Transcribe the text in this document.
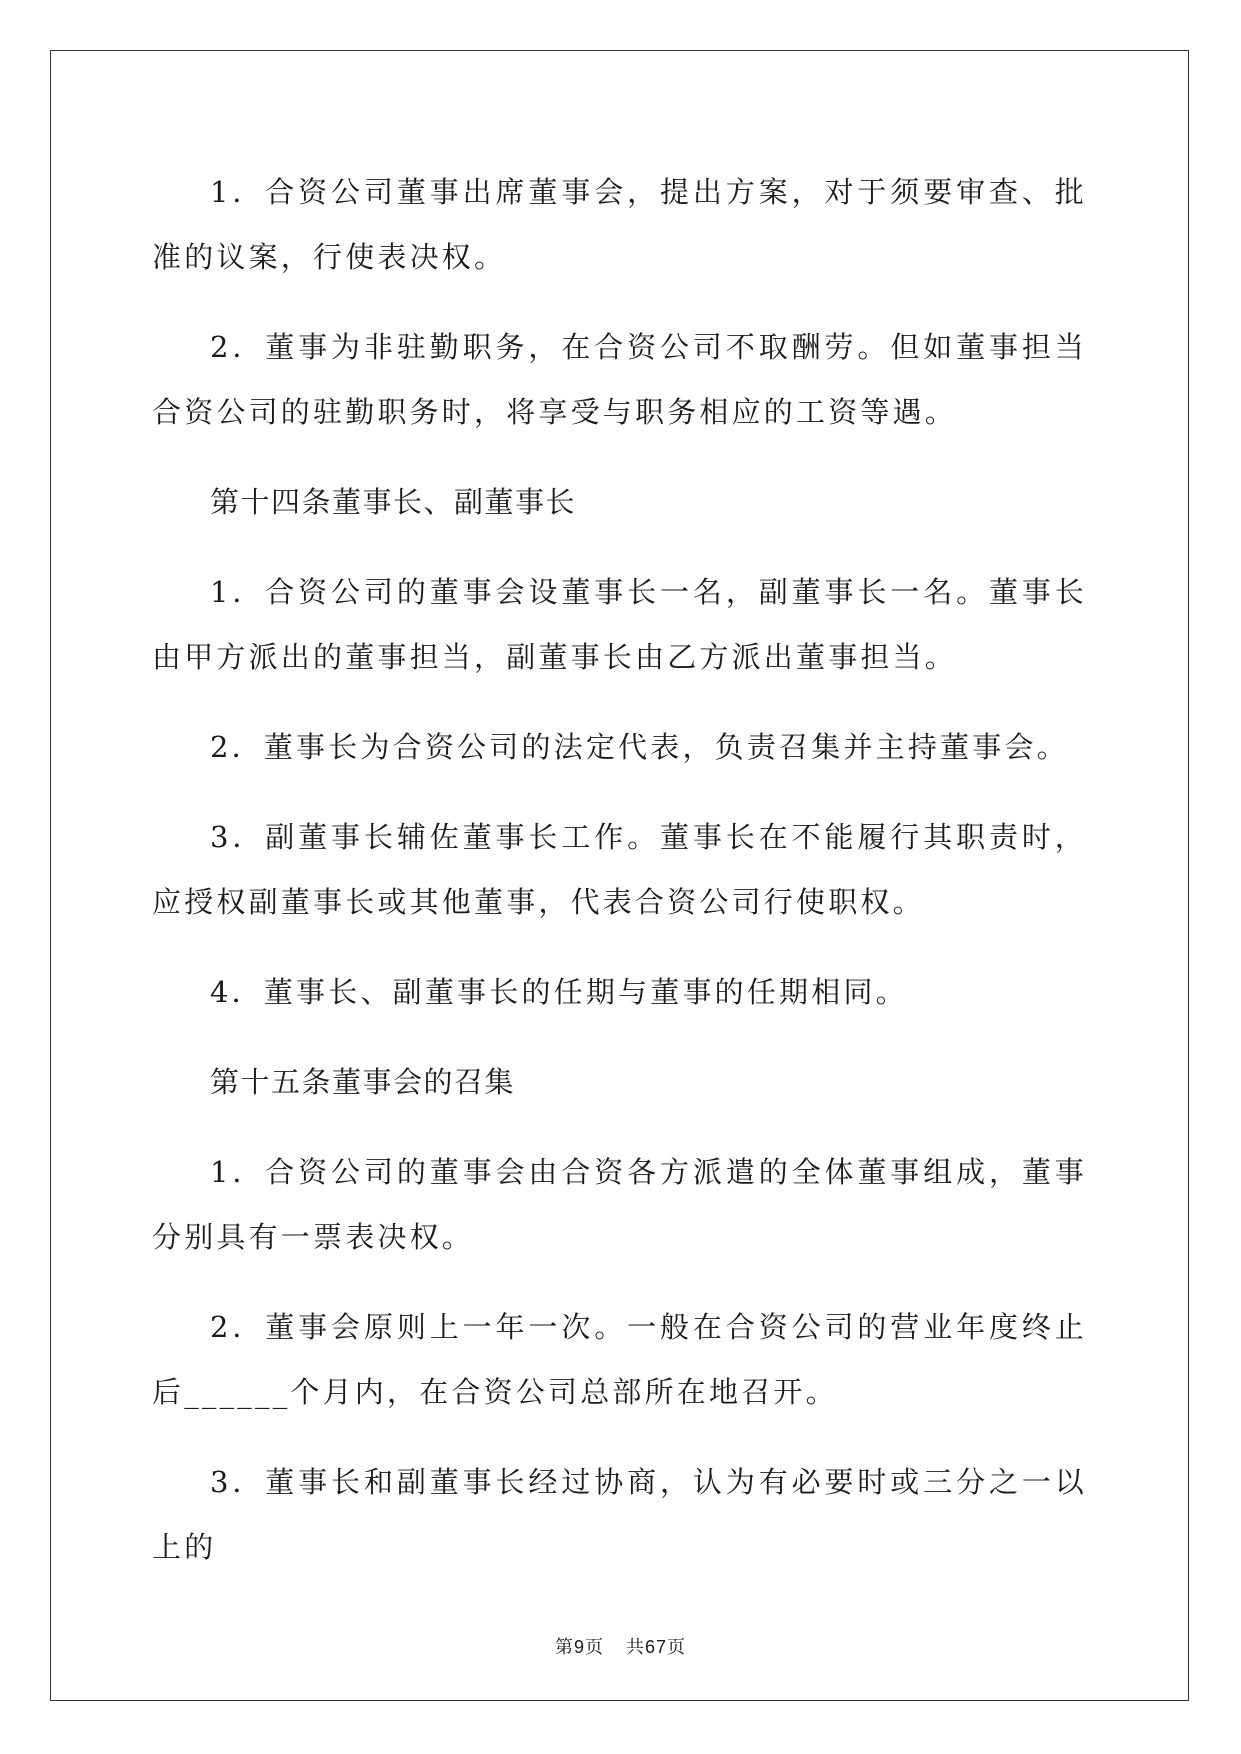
1．合资公司董事出席董事会，提出方案，对于须要审查、批准的议案，行使表决权。

2．董事为非驻勤职务，在合资公司不取酬劳。但如董事担当合资公司的驻勤职务时，将享受与职务相应的工资等遇。

第十四条董事长、副董事长

1．合资公司的董事会设董事长一名，副董事长一名。董事长由甲方派出的董事担当，副董事长由乙方派出董事担当。

2．董事长为合资公司的法定代表，负责召集并主持董事会。

3．副董事长辅佐董事长工作。董事长在不能履行其职责时，应授权副董事长或其他董事，代表合资公司行使职权。

4．董事长、副董事长的任期与董事的任期相同。

第十五条董事会的召集

1．合资公司的董事会由合资各方派遣的全体董事组成，董事分别具有一票表决权。

2．董事会原则上一年一次。一般在合资公司的营业年度终止后______个月内，在合资公司总部所在地召开。

3．董事长和副董事长经过协商，认为有必要时或三分之一以上的

第9页 共67页
